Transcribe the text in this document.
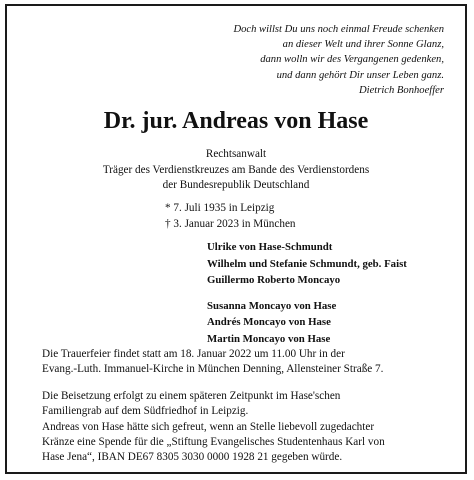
Doch willst Du uns noch einmal Freude schenken
an dieser Welt und ihrer Sonne Glanz,
dann wolln wir des Vergangenen gedenken,
und dann gehört Dir unser Leben ganz.
Dietrich Bonhoeffer
Dr. jur. Andreas von Hase
Rechtsanwalt
Träger des Verdienstkreuzes am Bande des Verdienstordens
der Bundesrepublik Deutschland
* 7. Juli 1935 in Leipzig
† 3. Januar 2023 in München
Ulrike von Hase-Schmundt
Wilhelm und Stefanie Schmundt, geb. Faist
Guillermo Roberto Moncayo
Susanna Moncayo von Hase
Andrés Moncayo von Hase
Martin Moncayo von Hase

Die Trauerfeier findet statt am 18. Januar 2022 um 11.00 Uhr in der
Evang.-Luth. Immanuel-Kirche in München Denning, Allensteiner Straße 7.

Die Beisetzung erfolgt zu einem späteren Zeitpunkt im Hase'schen
Familiengrab auf dem Südfriedhof in Leipzig.
Andreas von Hase hätte sich gefreut, wenn an Stelle liebevoll zugedachter
Kränze eine Spende für die „Stiftung Evangelisches Studentenhaus Karl von
Hase Jena“, IBAN DE67 8305 3030 0000 1928 21 gegeben würde.
